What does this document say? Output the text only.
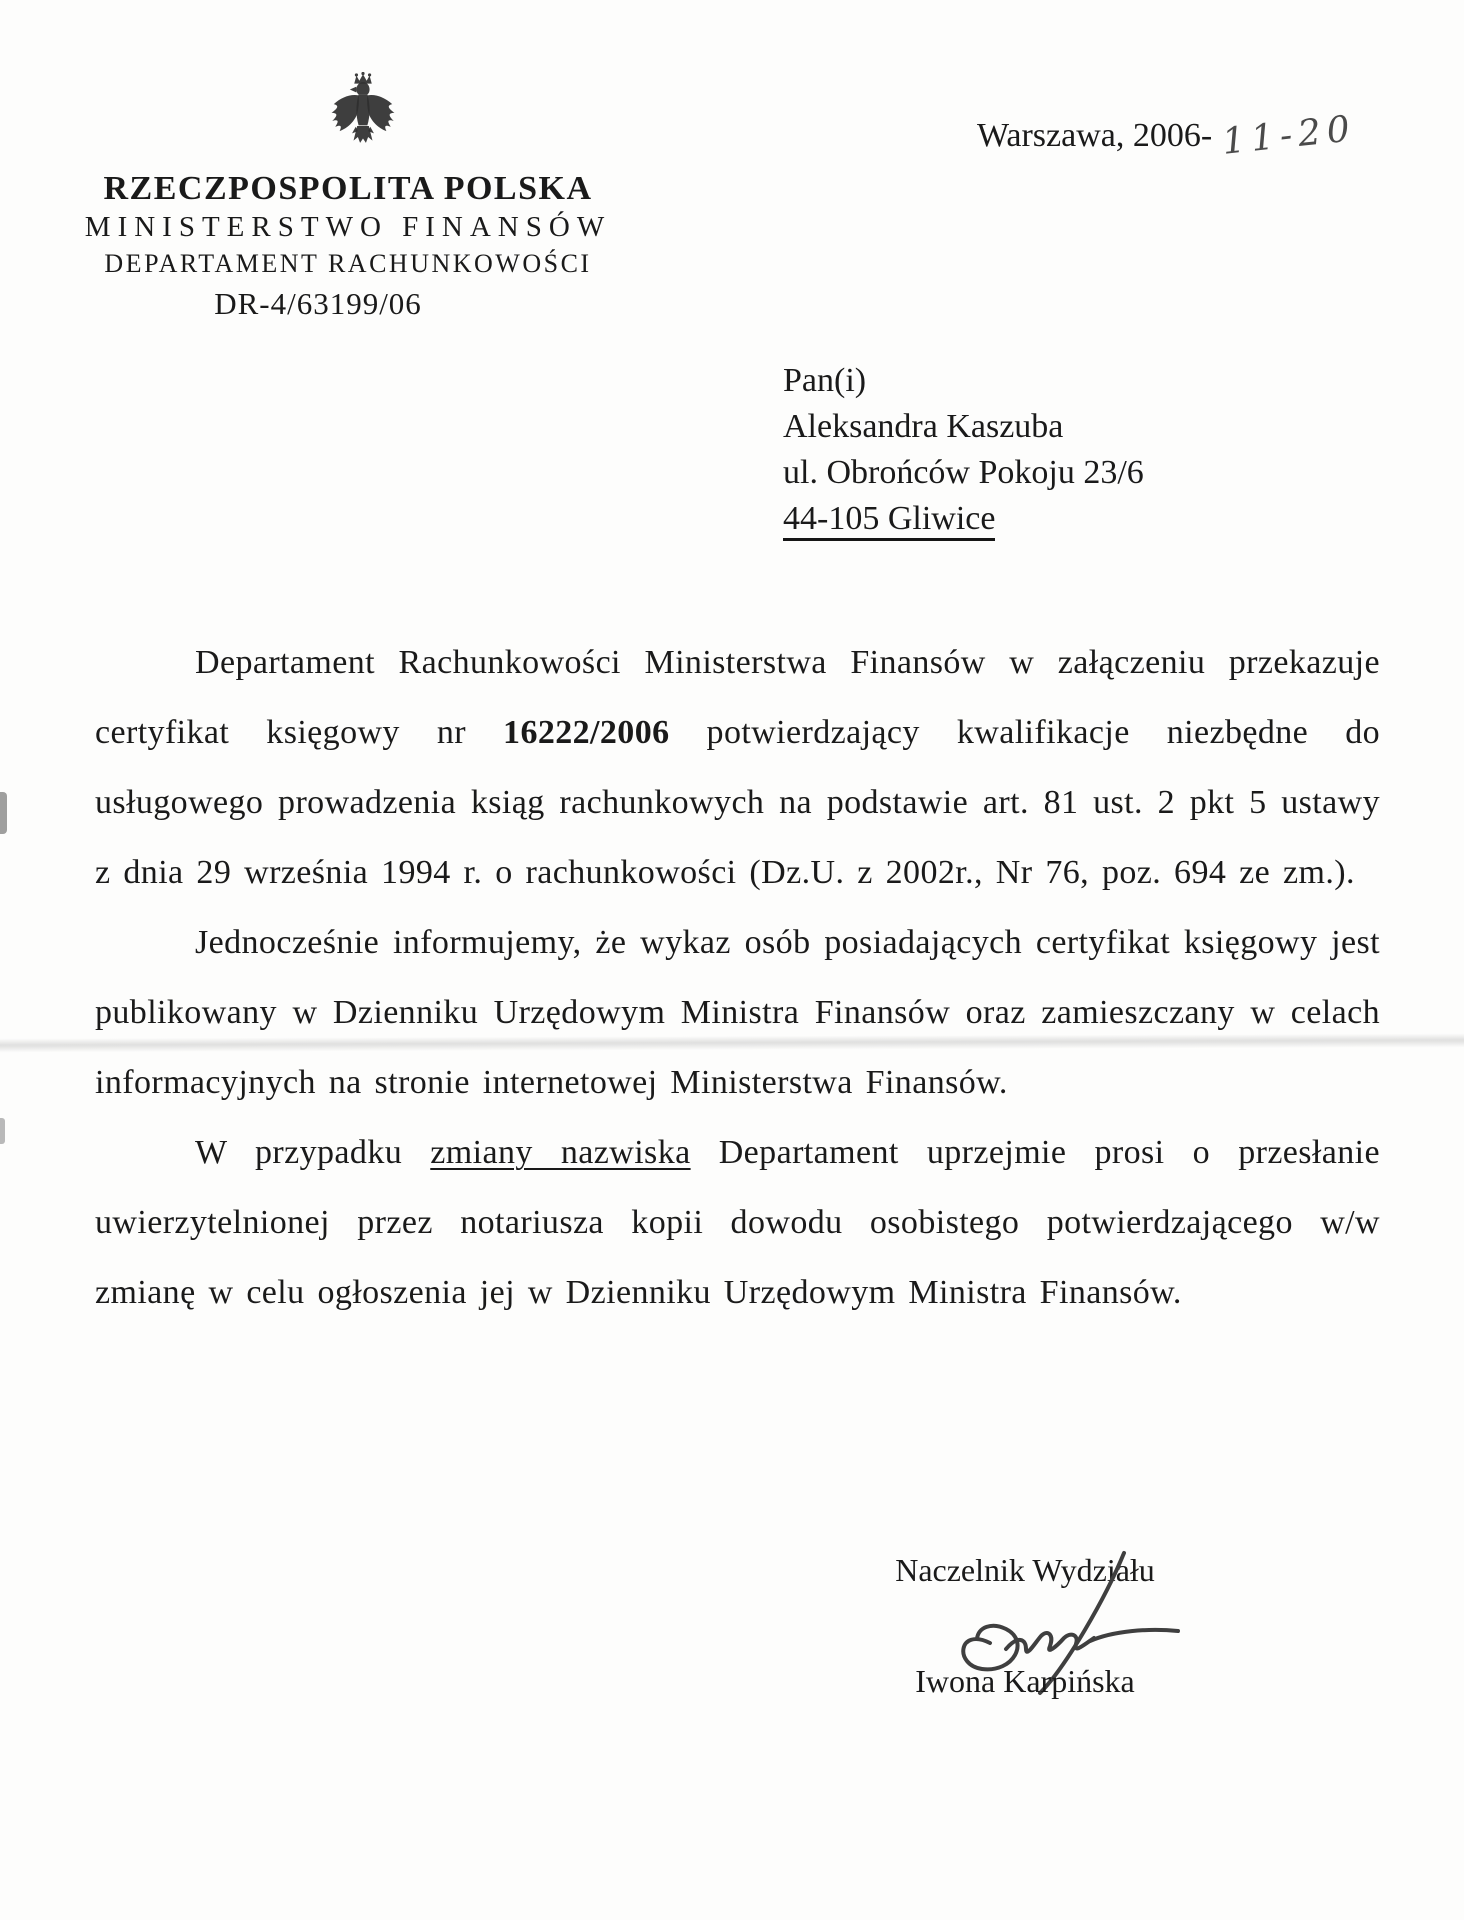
RZECZPOSPOLITA POLSKA
MINISTERSTWO FINANSÓW
DEPARTAMENT RACHUNKOWOŚCI
DR-4/63199/06
Warszawa, 2006- 11-20
Pan(i)
Aleksandra Kaszuba
ul. Obrońców Pokoju 23/6
44-105 Gliwice

Departament Rachunkowości Ministerstwa Finansów w załączeniu przekazuje certyfikat księgowy nr 16222/2006 potwierdzający kwalifikacje niezbędne do usługowego prowadzenia ksiąg rachunkowych na podstawie art. 81 ust. 2 pkt 5 ustawy z dnia 29 września 1994 r. o rachunkowości (Dz.U. z 2002r., Nr 76, poz. 694 ze zm.).

Jednocześnie informujemy, że wykaz osób posiadających certyfikat księgowy jest publikowany w Dzienniku Urzędowym Ministra Finansów oraz zamieszczany w celach informacyjnych na stronie internetowej Ministerstwa Finansów.

W przypadku zmiany nazwiska Departament uprzejmie prosi o przesłanie uwierzytelnionej przez notariusza kopii dowodu osobistego potwierdzającego w/w zmianę w celu ogłoszenia jej w Dzienniku Urzędowym Ministra Finansów.

Naczelnik Wydziału
Iwona Karpińska
